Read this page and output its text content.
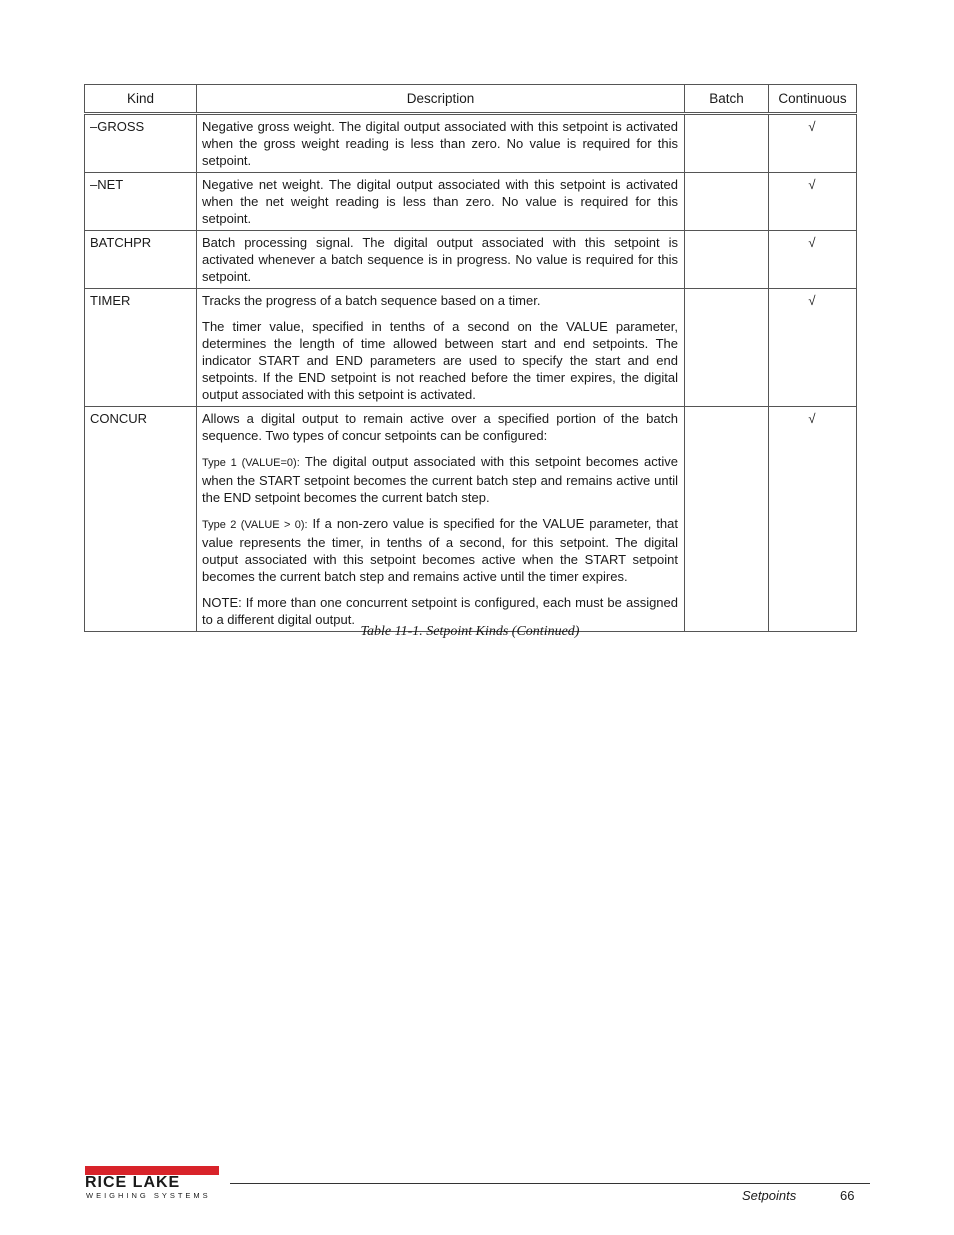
Kind	Description	Batch	Continuous
–GROSS	Negative gross weight. The digital output associated with this setpoint is activated when the gross weight reading is less than zero. No value is required for this setpoint.		√
–NET	Negative net weight. The digital output associated with this setpoint is activated when the net weight reading is less than zero. No value is required for this setpoint.		√
BATCHPR	Batch processing signal. The digital output associated with this setpoint is activated whenever a batch sequence is in progress. No value is required for this setpoint.		√
TIMER	Tracks the progress of a batch sequence based on a timer.

The timer value, specified in tenths of a second on the VALUE parameter, determines the length of time allowed between start and end setpoints. The indicator START and END parameters are used to specify the start and end setpoints. If the END setpoint is not reached before the timer expires, the digital output associated with this setpoint is activated.		√
CONCUR	Allows a digital output to remain active over a specified portion of the batch sequence. Two types of concur setpoints can be configured:

Type 1 (VALUE=0): The digital output associated with this setpoint becomes active when the START setpoint becomes the current batch step and remains active until the END setpoint becomes the current batch step.

Type 2 (VALUE > 0): If a non-zero value is specified for the VALUE parameter, that value represents the timer, in tenths of a second, for this setpoint. The digital output associated with this setpoint becomes active when the START setpoint becomes the current batch step and remains active until the timer expires.

NOTE: If more than one concurrent setpoint is configured, each must be assigned to a different digital output.		√
Table 11-1. Setpoint Kinds (Continued)
RICE LAKE
WEIGHING SYSTEMS	Setpoints	66
